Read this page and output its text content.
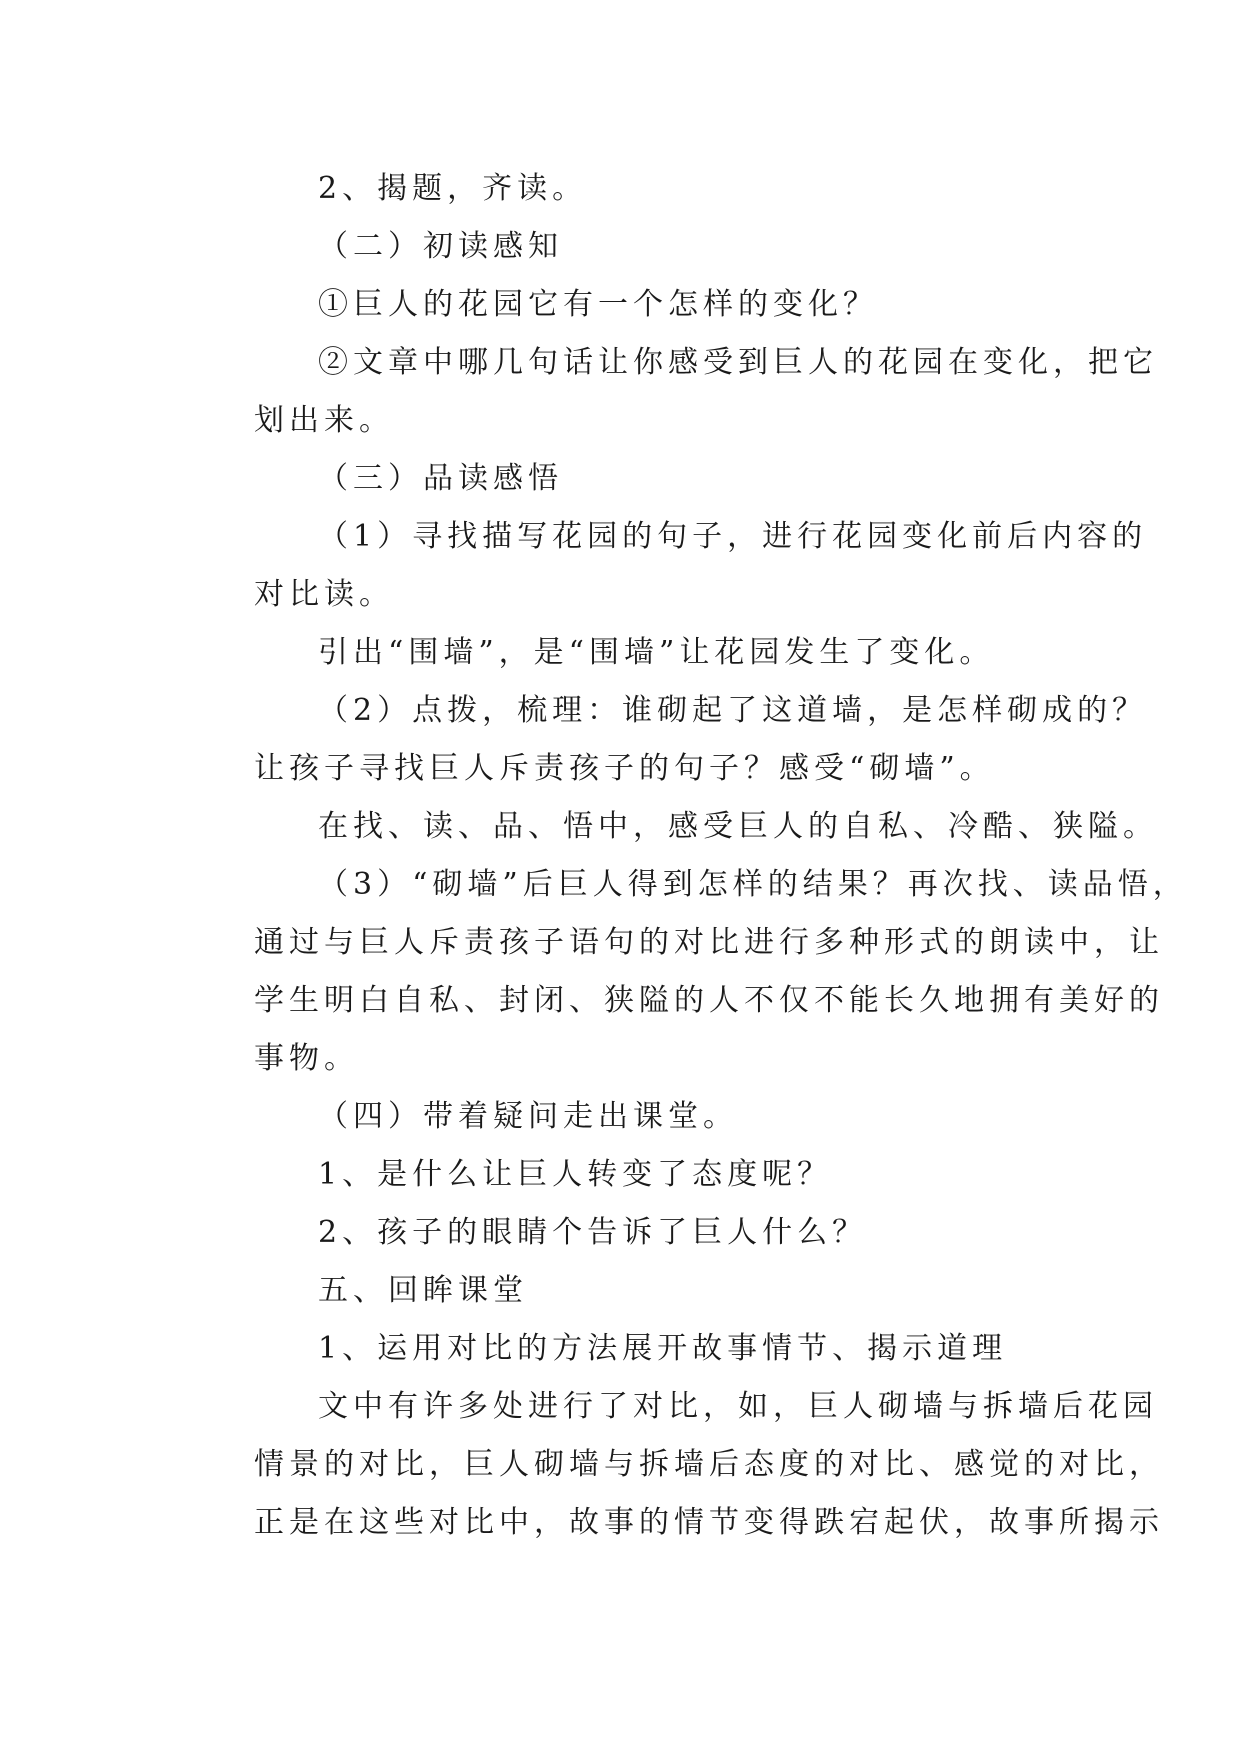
2、揭题，齐读。
（二）初读感知
①巨人的花园它有一个怎样的变化？
②文章中哪几句话让你感受到巨人的花园在变化，把它
划出来。
（三）品读感悟
（1）寻找描写花园的句子，进行花园变化前后内容的
对比读。
引出“围墙”，是“围墙”让花园发生了变化。
（2）点拨，梳理：谁砌起了这道墙，是怎样砌成的？
让孩子寻找巨人斥责孩子的句子？感受“砌墙”。
在找、读、品、悟中，感受巨人的自私、冷酷、狭隘。
（3）“砌墙”后巨人得到怎样的结果？再次找、读品悟，
通过与巨人斥责孩子语句的对比进行多种形式的朗读中，让
学生明白自私、封闭、狭隘的人不仅不能长久地拥有美好的
事物。
（四）带着疑问走出课堂。
1、是什么让巨人转变了态度呢？
2、孩子的眼睛个告诉了巨人什么？
五、回眸课堂
1、运用对比的方法展开故事情节、揭示道理
文中有许多处进行了对比，如，巨人砌墙与拆墙后花园
情景的对比，巨人砌墙与拆墙后态度的对比、感觉的对比，
正是在这些对比中，故事的情节变得跌宕起伏，故事所揭示
